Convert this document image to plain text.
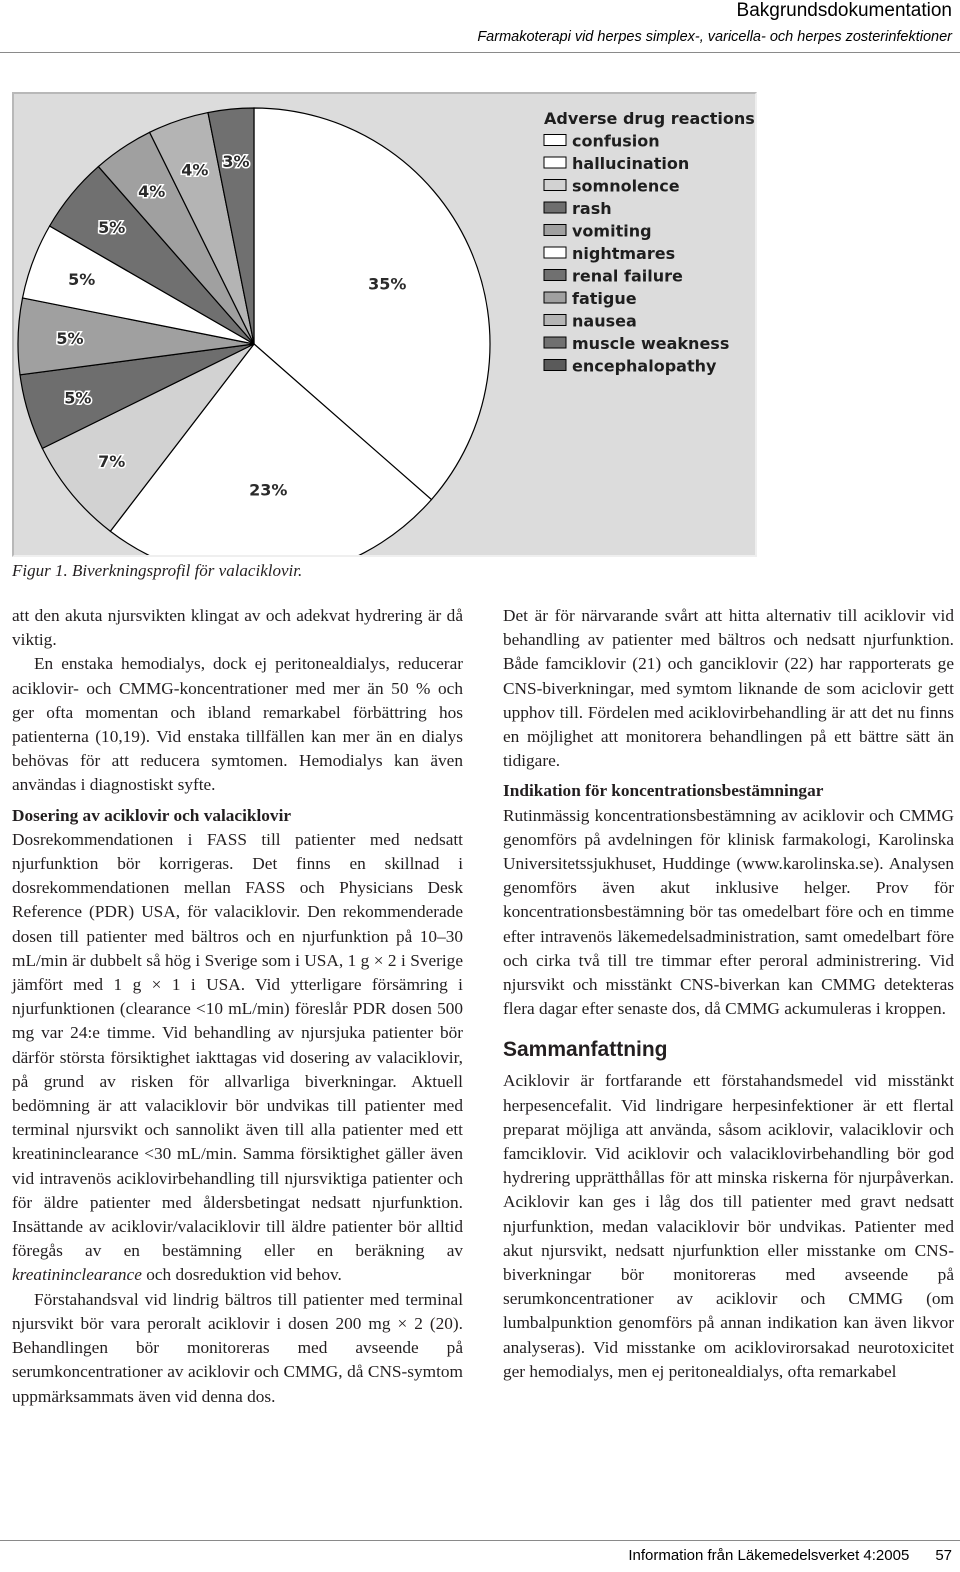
Bakgrundsdokumentation
Farmakoterapi vid herpes simplex-, varicella- och herpes zosterinfektioner
35%
23%
7%
5%
5%
5%
5%
4%
4% 3%
Adverse drug reactions
confusion
hallucination
somnolence
rash
vomiting
nightmares
renal failure
fatigue
nausea
muscle weakness
encephalopathy
Figur 1. Biverkningsprofil för valaciklovir.

att den akuta njursvikten klingat av och adekvat hydrering är då viktig.

En enstaka hemodialys, dock ej peritonealdialys, reducerar aciklovir- och CMMG-koncentrationer med mer än 50 % och ger ofta momentan och ibland remarkabel förbättring hos patienterna (10,19). Vid enstaka tillfällen kan mer än en dialys behövas för att reducera symtomen. Hemodialys kan även användas i diagnostiskt syfte.

Dosering av aciklovir och valaciklovir

Dosrekommendationen i FASS till patienter med nedsatt njurfunktion bör korrigeras. Det finns en skillnad i dosrekommendationen mellan FASS och Physicians Desk Reference (PDR) USA, för valaciklovir. Den rekommenderade dosen till patienter med bältros och en njurfunktion på 10–30 mL/min är dubbelt så hög i Sverige som i USA, 1 g × 2 i Sverige jämfört med 1 g × 1 i USA. Vid ytterligare försämring i njurfunktionen (clearance <10 mL/min) föreslår PDR dosen 500 mg var 24:e timme. Vid behandling av njursjuka patienter bör därför största försiktighet iakttagas vid dosering av valaciklovir, på grund av risken för allvarliga biverkningar. Aktuell bedömning är att valaciklovir bör undvikas till patienter med terminal njursvikt och sannolikt även till alla patienter med ett kreatininclearance <30 mL/min. Samma försiktighet gäller även vid intravenös aciklovirbehandling till njursviktiga patienter och för äldre patienter med åldersbetingat nedsatt njurfunktion. Insättande av aciklovir/valaciklovir till äldre patienter bör alltid föregås av en bestämning eller en beräkning av kreatininclearance och dosreduktion vid behov.

Förstahandsval vid lindrig bältros till patienter med terminal njursvikt bör vara peroralt aciklovir i dosen 200 mg × 2 (20). Behandlingen bör monitoreras med avseende på serumkoncentrationer av aciklovir och CMMG, då CNS-symtom uppmärksammats även vid denna dos.

Det är för närvarande svårt att hitta alternativ till aciklovir vid behandling av patienter med bältros och nedsatt njurfunktion. Både famciklovir (21) och ganciklovir (22) har rapporterats ge CNS-biverkningar, med symtom liknande de som aciclovir gett upphov till. Fördelen med aciklovirbehandling är att det nu finns en möjlighet att monitorera behandlingen på ett bättre sätt än tidigare.

Indikation för koncentrationsbestämningar

Rutinmässig koncentrationsbestämning av aciklovir och CMMG genomförs på avdelningen för klinisk farmakologi, Karolinska Universitetssjukhuset, Huddinge (www.karolinska.se). Analysen genomförs även akut inklusive helger. Prov för koncentrationsbestämning bör tas omedelbart före och en timme efter intravenös läkemedelsadministration, samt omedelbart före och cirka två till tre timmar efter peroral administrering. Vid njursvikt och misstänkt CNS-biverkan kan CMMG detekteras flera dagar efter senaste dos, då CMMG ackumuleras i kroppen.

Sammanfattning

Aciklovir är fortfarande ett förstahandsmedel vid misstänkt herpesencefalit. Vid lindrigare herpesinfektioner är ett flertal preparat möjliga att använda, såsom aciklovir, valaciklovir och famciklovir. Vid aciklovir och valaciklovirbehandling bör god hydrering upprätthållas för att minska riskerna för njurpåverkan. Aciklovir kan ges i låg dos till patienter med gravt nedsatt njurfunktion, medan valaciklovir bör undvikas. Patienter med akut njursvikt, nedsatt njurfunktion eller misstanke om CNS-biverkningar bör monitoreras med avseende på serumkoncentrationer av aciklovir och CMMG (om lumbalpunktion genomförs på annan indikation kan även likvor analyseras). Vid misstanke om aciklovirorsakad neurotoxicitet ger hemodialys, men ej peritonealdialys, ofta remarkabel

Information från Läkemedelsverket 4:2005 57
